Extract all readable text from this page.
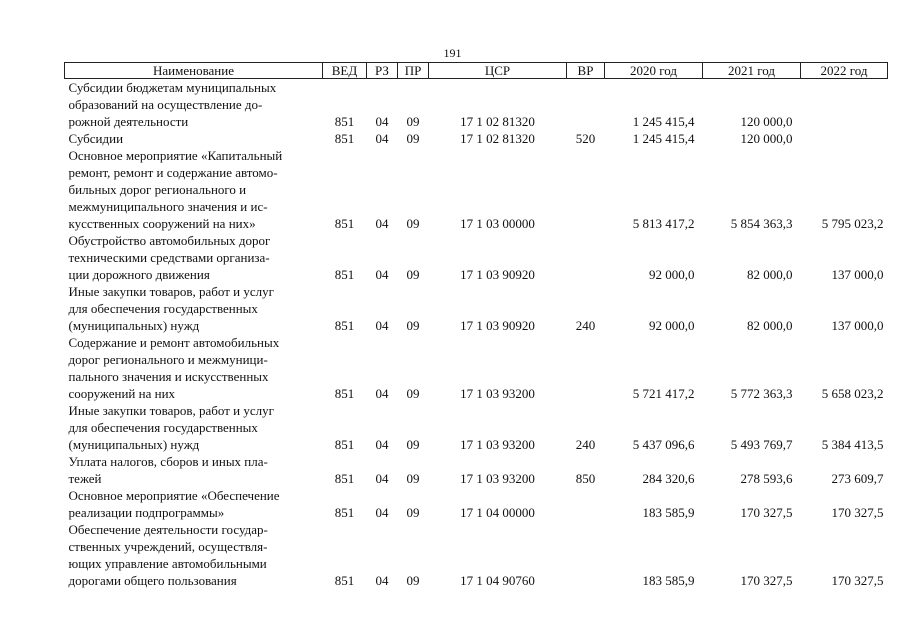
191
Наименование	ВЕД	РЗ	ПР	ЦСР	ВР	2020 год	2021 год	2022 год

Субсидии бюджетам муниципальных
образований на осуществление до-
рожной деятельности	851	04	09	17 1 02 81320		1 245 415,4	120 000,0	

Субсидии	851	04	09	17 1 02 81320	520	1 245 415,4	120 000,0	

Основное мероприятие «Капитальный
ремонт, ремонт и содержание автомо-
бильных дорог регионального и
межмуниципального значения и ис-
кусственных сооружений на них»	851	04	09	17 1 03 00000		5 813 417,2	5 854 363,3	5 795 023,2

Обустройство автомобильных дорог
техническими средствами организа-
ции дорожного движения	851	04	09	17 1 03 90920		92 000,0	82 000,0	137 000,0

Иные закупки товаров, работ и услуг
для обеспечения государственных
(муниципальных) нужд	851	04	09	17 1 03 90920	240	92 000,0	82 000,0	137 000,0

Содержание и ремонт автомобильных
дорог регионального и межмуници-
пального значения и искусственных
сооружений на них	851	04	09	17 1 03 93200		5 721 417,2	5 772 363,3	5 658 023,2

Иные закупки товаров, работ и услуг
для обеспечения государственных
(муниципальных) нужд	851	04	09	17 1 03 93200	240	5 437 096,6	5 493 769,7	5 384 413,5

Уплата налогов, сборов и иных пла-
тежей	851	04	09	17 1 03 93200	850	284 320,6	278 593,6	273 609,7

Основное мероприятие «Обеспечение
реализации подпрограммы»	851	04	09	17 1 04 00000		183 585,9	170 327,5	170 327,5

Обеспечение деятельности государ-
ственных учреждений, осуществля-
ющих управление автомобильными
дорогами общего пользования	851	04	09	17 1 04 90760		183 585,9	170 327,5	170 327,5
